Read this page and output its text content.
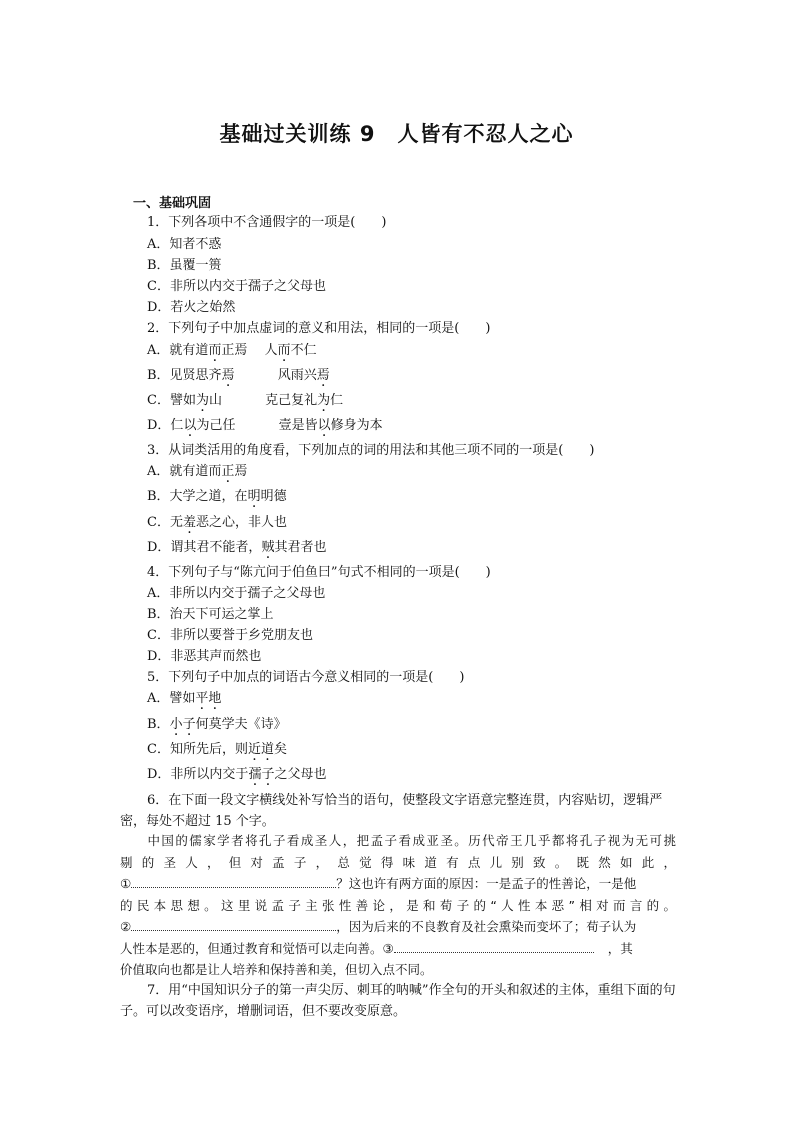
基础过关训练 9 人皆有不忍人之心
一、基础巩固
1．下列各项中不含通假字的一项是(　　)
A．知者不惑
B．虽覆一篑
C．非所以内交于孺子之父母也
D．若火之始然
2．下列句子中加点虚词的意义和用法，相同的一项是(　　)
A．就有道而正焉　 人而不仁
B．见贤思齐焉　　　 风雨兴焉
C．譬如为山　　　 克己复礼为仁
D．仁以为己任　　　 壹是皆以修身为本
3．从词类活用的角度看，下列加点的词的用法和其他三项不同的一项是(　　)
A．就有道而正焉
B．大学之道，在明明德
C．无羞恶之心，非人也
D．谓其君不能者，贼其君者也
4．下列句子与“陈亢问于伯鱼曰”句式不相同的一项是(　　)
A．非所以内交于孺子之父母也
B．治天下可运之掌上
C．非所以要誉于乡党朋友也
D．非恶其声而然也
5．下列句子中加点的词语古今意义相同的一项是(　　)
A．譬如平地
B．小子何莫学夫《诗》
C．知所先后，则近道矣
D．非所以内交于孺子之父母也
6．在下面一段文字横线处补写恰当的语句，使整段文字语意完整连贯，内容贴切，逻辑严密，每处不超过 15 个字。
中国的儒家学者将孔子看成圣人，把孟子看成亚圣。历代帝王几乎都将孔子视为无可挑
剔的圣人，但对孟子，总觉得味道有点儿别致。既然如此，
①	？这也许有两方面的原因：一是孟子的性善论，一是他
的民本思想。这里说孟子主张性善论，是和荀子的“人性本恶”相对而言的。
②	，因为后来的不良教育及社会熏染而变坏了；荀子认为
人性本是恶的，但通过教育和觉悟可以走向善。③	，其
价值取向也都是让人培养和保持善和美，但切入点不同。
7．用“中国知识分子的第一声尖厉、刺耳的呐喊”作全句的开头和叙述的主体，重组下面的句子。可以改变语序，增删词语，但不要改变原意。
